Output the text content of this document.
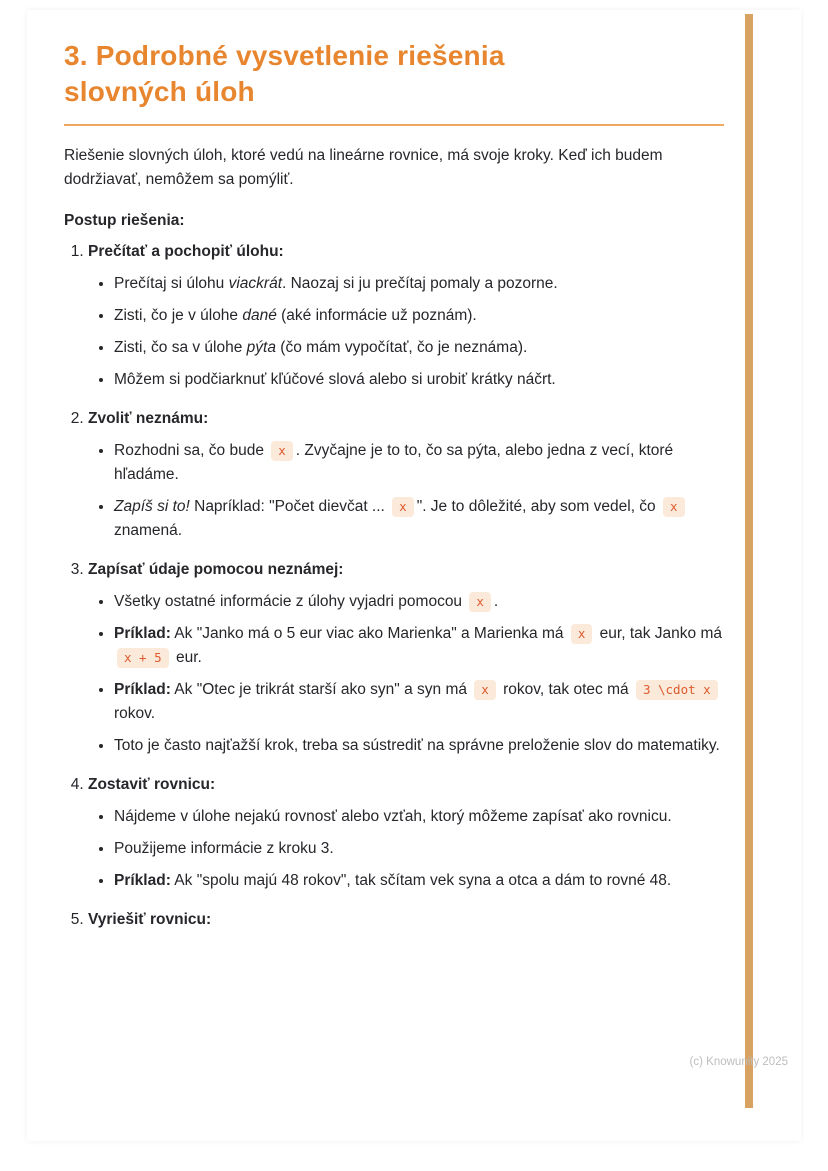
3. Podrobné vysvetlenie riešenia slovných úloh

Riešenie slovných úloh, ktoré vedú na lineárne rovnice, má svoje kroky. Keď ich budem dodržiavať, nemôžem sa pomýliť.

Postup riešenia:

1. Prečítať a pochopiť úlohu:
• Prečítaj si úlohu viackrát. Naozaj si ju prečítaj pomaly a pozorne.
• Zisti, čo je v úlohe dané (aké informácie už poznám).
• Zisti, čo sa v úlohe pýta (čo mám vypočítať, čo je neznáma).
• Môžem si podčiarknuť kľúčové slová alebo si urobiť krátky náčrt.
2. Zvoliť neznámu:
• Rozhodni sa, čo bude x . Zvyčajne je to to, čo sa pýta, alebo jedna z vecí, ktoré hľadáme.
• Zapíš si to! Napríklad: "Počet dievčat ... x ". Je to dôležité, aby som vedel, čo x znamená.
3. Zapísať údaje pomocou neznámej:
• Všetky ostatné informácie z úlohy vyjadri pomocou x .
• Príklad: Ak "Janko má o 5 eur viac ako Marienka" a Marienka má x eur, tak Janko má x + 5 eur.
• Príklad: Ak "Otec je trikrát starší ako syn" a syn má x rokov, tak otec má 3 \cdot x rokov.
• Toto je často najťažší krok, treba sa sústrediť na správne preloženie slov do matematiky.
4. Zostaviť rovnicu:
• Nájdeme v úlohe nejakú rovnosť alebo vzťah, ktorý môžeme zapísať ako rovnicu.
• Použijeme informácie z kroku 3.
• Príklad: Ak "spolu majú 48 rokov", tak sčítam vek syna a otca a dám to rovné 48.
5. Vyriešiť rovnicu:
(c) Knowunity 2025
